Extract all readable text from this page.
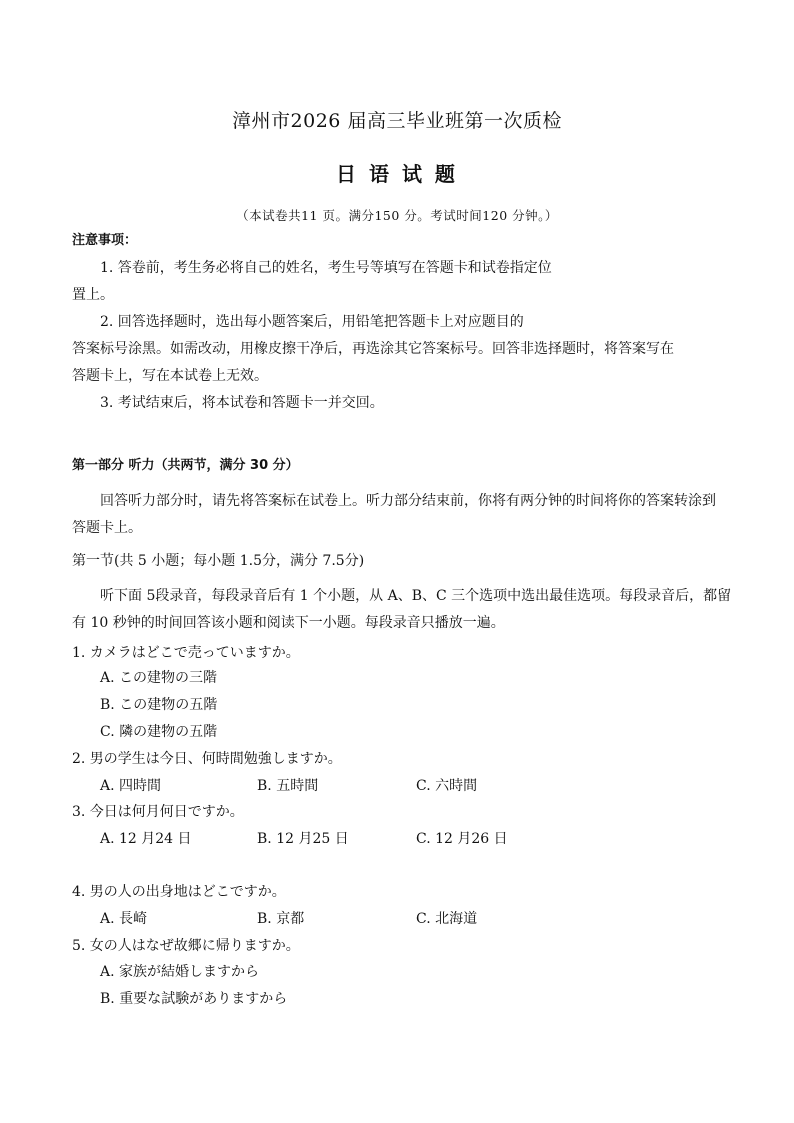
漳州市2026 届高三毕业班第一次质检
日 语 试 题
（本试卷共11 页。满分150 分。考试时间120 分钟。）
注意事项：
1. 答卷前，考生务必将自己的姓名，考生号等填写在答题卡和试卷指定位
置上。
2. 回答选择题时，选出每小题答案后，用铅笔把答题卡上对应题目的
答案标号涂黑。如需改动，用橡皮擦干净后，再选涂其它答案标号。回答非选择题时，将答案写在
答题卡上，写在本试卷上无效。
3. 考试结束后，将本试卷和答题卡一并交回。
第一部分 听力（共两节，满分 30 分）
回答听力部分时，请先将答案标在试卷上。听力部分结束前，你将有两分钟的时间将你的答案转涂到
答题卡上。
第一节(共 5 小题；每小题 1.5分，满分 7.5分)
听下面 5段录音，每段录音后有 1 个小题，从 A、B、C 三个选项中选出最佳选项。每段录音后，都留
有 10 秒钟的时间回答该小题和阅读下一小题。每段录音只播放一遍。
1. カメラはどこで売っていますか。
A. この建物の三階
B. この建物の五階
C. 隣の建物の五階
2. 男の学生は今日、何時間勉強しますか。
A. 四時間	B. 五時間	C. 六時間
3. 今日は何月何日ですか。
A. 12 月24 日	B. 12 月25 日	C. 12 月26 日
4. 男の人の出身地はどこですか。
A. 長崎	B. 京都	C. 北海道
5. 女の人はなぜ故郷に帰りますか。
A. 家族が結婚しますから
B. 重要な試験がありますから
